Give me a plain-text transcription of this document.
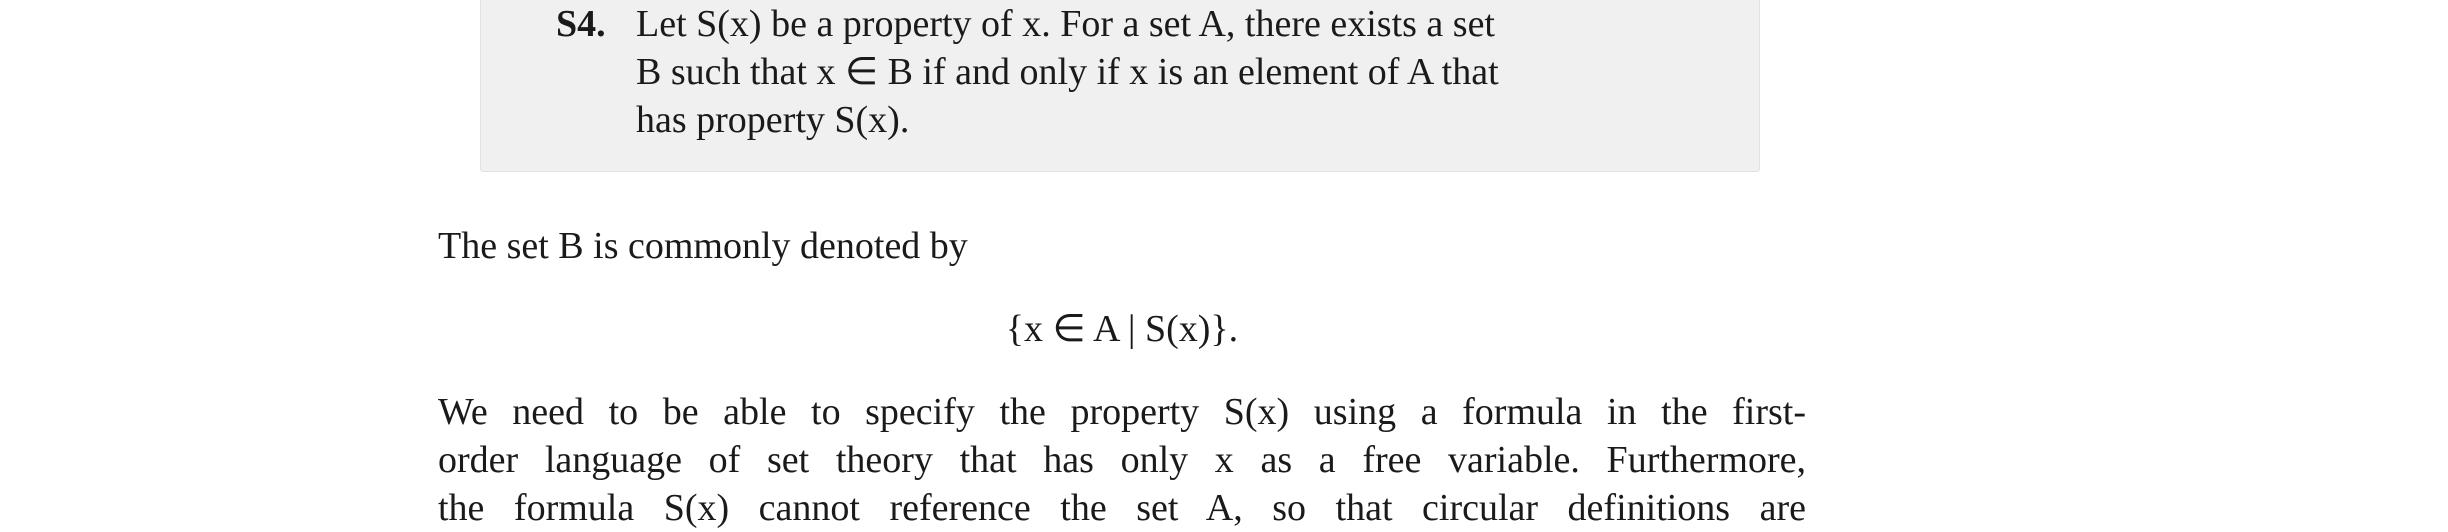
S4. Let S(x) be a property of x. For a set A, there exists a set
B such that x ∈ B if and only if x is an element of A that
has property S(x).
The set B is commonly denoted by
{x ∈ A | S(x)}.
We need to be able to specify the property S(x) using a formula in the first-
order language of set theory that has only x as a free variable. Furthermore,
the formula S(x) cannot reference the set A, so that circular definitions are
